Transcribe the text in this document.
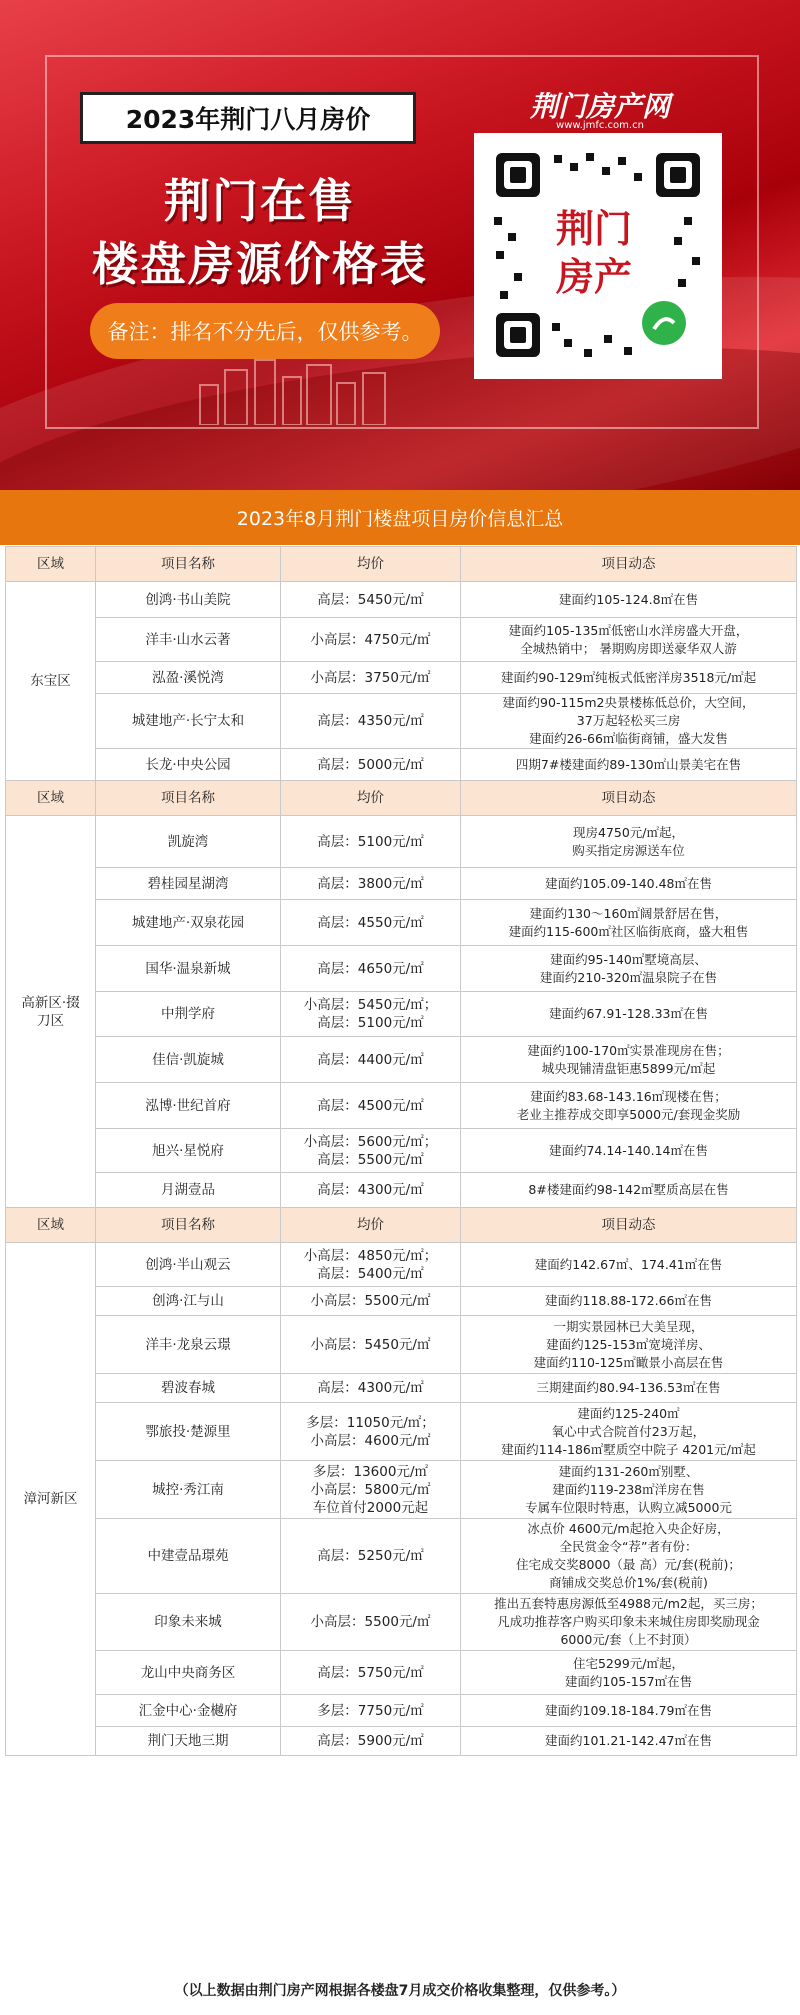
2023年荆门八月房价
荆门在售
楼盘房源价格表
备注：排名不分先后，仅供参考。
荆门房产网
www.jmfc.com.cn
荆门
房产
2023年8月荆门楼盘项目房价信息汇总
区域	项目名称	均价	项目动态
东宝区	创鸿·书山美院	高层：5450元/㎡	建面约105-124.8㎡在售
	洋丰·山水云著	小高层：4750元/㎡	建面约105-135㎡低密山水洋房盛大开盘，
全城热销中； 暑期购房即送豪华双人游
	泓盈·溪悦湾	小高层：3750元/㎡	建面约90-129㎡纯板式低密洋房3518元/㎡起
	城建地产·长宁太和	高层：4350元/㎡	建面约90-115m2央景楼栋低总价，大空间，
37万起轻松买三房
建面约26-66㎡临街商铺，盛大发售
	长龙·中央公园	高层：5000元/㎡	四期7#楼建面约89-130㎡山景美宅在售
区域	项目名称	均价	项目动态
高新区·掇
刀区	凯旋湾	高层：5100元/㎡	现房4750元/㎡起，
购买指定房源送车位
	碧桂园星湖湾	高层：3800元/㎡	建面约105.09-140.48㎡在售
	城建地产·双泉花园	高层：4550元/㎡	建面约130～160㎡阔景舒居在售，
建面约115-600㎡社区临街底商，盛大租售
	国华·温泉新城	高层：4650元/㎡	建面约95-140㎡墅境高层、
建面约210-320㎡温泉院子在售
	中荆学府	小高层：5450元/㎡；
高层：5100元/㎡	建面约67.91-128.33㎡在售
	佳信·凯旋城	高层：4400元/㎡	建面约100-170㎡实景准现房在售；
城央现铺清盘钜惠5899元/㎡起
	泓博·世纪首府	高层：4500元/㎡	建面约83.68-143.16㎡现楼在售；
老业主推荐成交即享5000元/套现金奖励
	旭兴·星悦府	小高层：5600元/㎡；
高层：5500元/㎡	建面约74.14-140.14㎡在售
	月湖壹品	高层：4300元/㎡	8#楼建面约98-142㎡墅质高层在售
区域	项目名称	均价	项目动态
漳河新区	创鸿·半山观云	小高层：4850元/㎡；
高层：5400元/㎡	建面约142.67㎡、174.41㎡在售
	创鸿·江与山	小高层：5500元/㎡	建面约118.88-172.66㎡在售
	洋丰·龙泉云璟	小高层：5450元/㎡	一期实景园林已大美呈现，
建面约125-153㎡宽境洋房、
建面约110-125㎡瞰景小高层在售
	碧波春城	高层：4300元/㎡	三期建面约80.94-136.53㎡在售
	鄂旅投·楚源里	多层：11050元/㎡；
小高层：4600元/㎡	建面约125-240㎡
氧心中式合院首付23万起，
建面约114-186㎡墅质空中院子 4201元/㎡起
	城控·秀江南	多层：13600元/㎡
小高层：5800元/㎡
车位首付2000元起	建面约131-260㎡别墅、
建面约119-238㎡洋房在售
专属车位限时特惠，认购立减5000元
	中建壹品璟苑	高层：5250元/㎡	冰点价 4600元/m起抢入央企好房，
全民赏金令“荐”者有份：
住宅成交奖8000（最 高）元/套(税前)；
商铺成交奖总价1%/套(税前)
	印象未来城	小高层：5500元/㎡	推出五套特惠房源低至4988元/m2起，买三房；
凡成功推荐客户购买印象未来城住房即奖励现金
6000元/套（上不封顶）
	龙山中央商务区	高层：5750元/㎡	住宅5299元/㎡起，
建面约105-157㎡在售
	汇金中心·金樾府	多层：7750元/㎡	建面约109.18-184.79㎡在售
	荆门天地三期	高层：5900元/㎡	建面约101.21-142.47㎡在售
（以上数据由荆门房产网根据各楼盘7月成交价格收集整理，仅供参考。）
